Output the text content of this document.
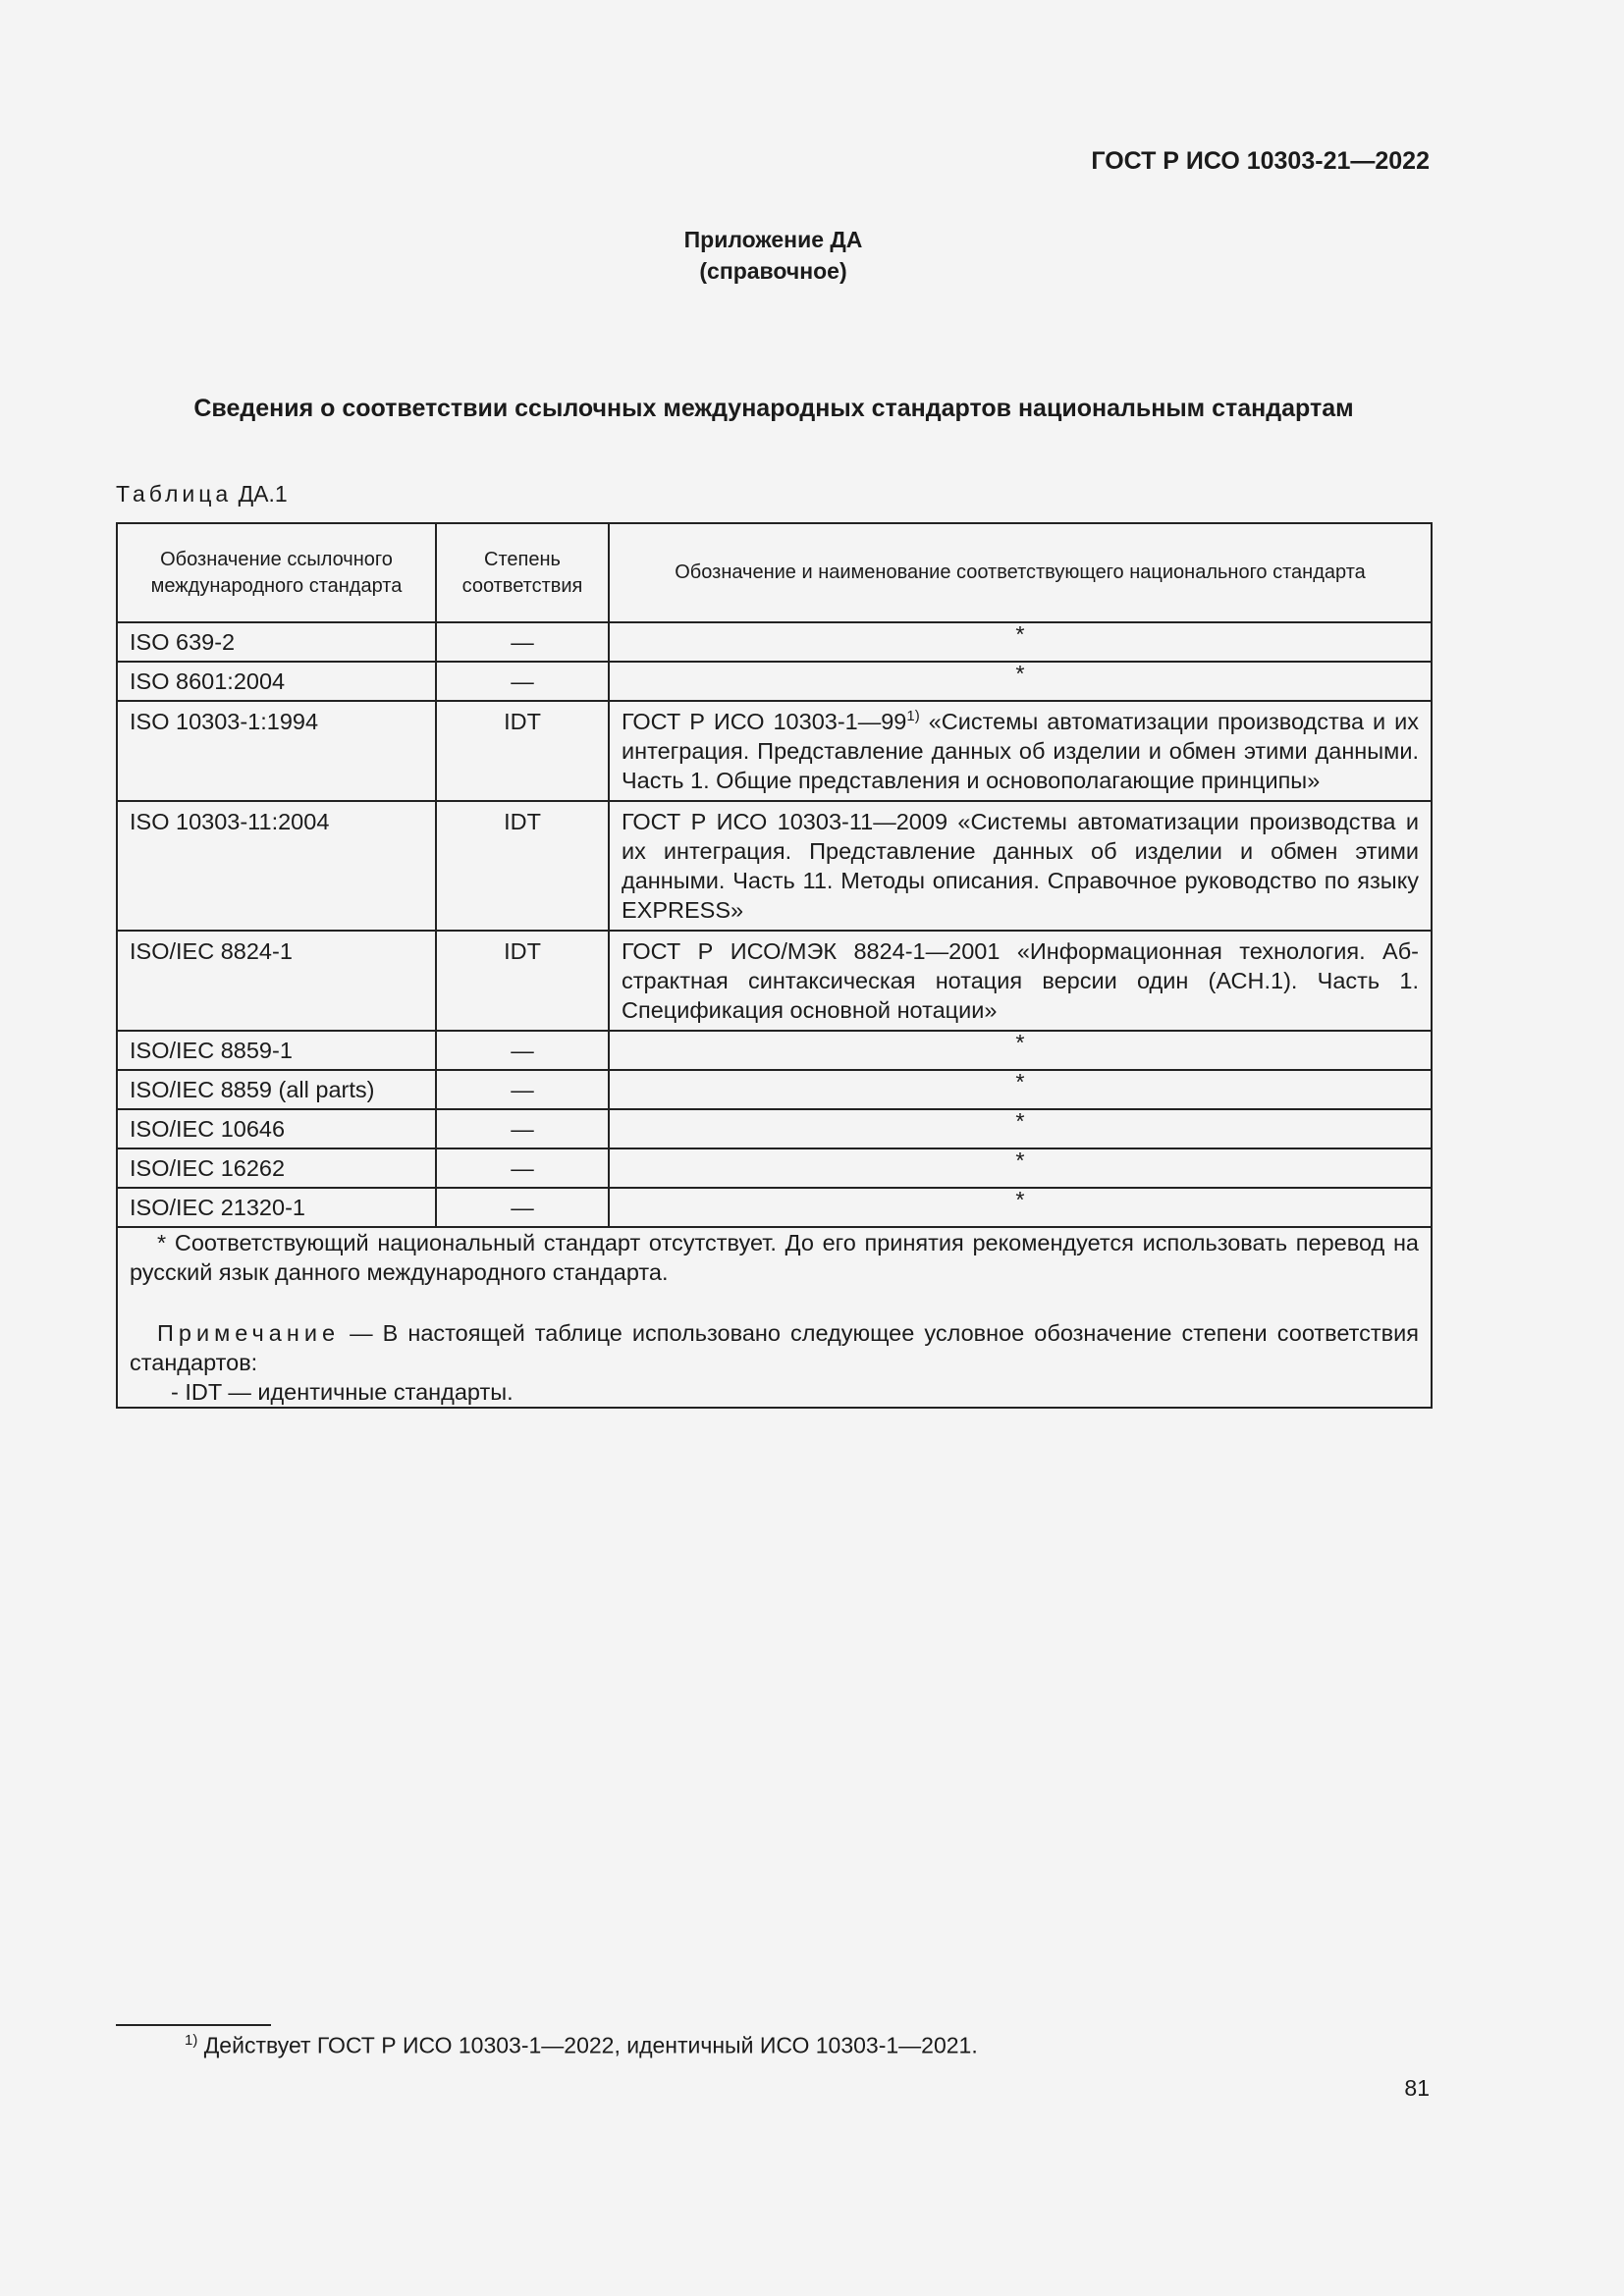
ГОСТ Р ИСО 10303-21—2022
Приложение ДА
(справочное)
Сведения о соответствии ссылочных международных стандартов национальным стандартам
Таблица ДА.1
Обозначение ссылочного международного стандарта	Степень соответствия	Обозначение и наименование соответствующего национального стандарта
ISO 639-2	—	*
ISO 8601:2004	—	*
ISO 10303-1:1994	IDT	ГОСТ Р ИСО 10303-1—99$^{1)}$ «Системы автоматизации производства и их интеграция. Представление данных об изделии и обмен этими данными. Часть 1. Общие представления и основополагающие принципы»
ISO 10303-11:2004	IDT	ГОСТ Р ИСО 10303-11—2009 «Системы автоматизации производства и их интеграция. Представление данных об изделии и обмен этими данными. Часть 11. Методы описания. Справочное руководство по языку EXPRESS»
ISO/IEC 8824-1	IDT	ГОСТ Р ИСО/МЭК 8824-1—2001 «Информационная технология. Аб-страктная синтаксическая нотация версии один (АСН.1). Часть 1. Спецификация основной нотации»
ISO/IEC 8859-1	—	*
ISO/IEC 8859 (all parts)	—	*
ISO/IEC 10646	—	*
ISO/IEC 16262	—	*
ISO/IEC 21320-1	—	*

* Соответствующий национальный стандарт отсутствует. До его принятия рекомендуется использовать перевод на русский язык данного международного стандарта.

Примечание — В настоящей таблице использовано следующее условное обозначение степени соответствия стандартов:

- IDT — идентичные стандарты.		

$^{1)}$ Действует ГОСТ Р ИСО 10303-1—2022, идентичный ИСО 10303-1—2021.
81
